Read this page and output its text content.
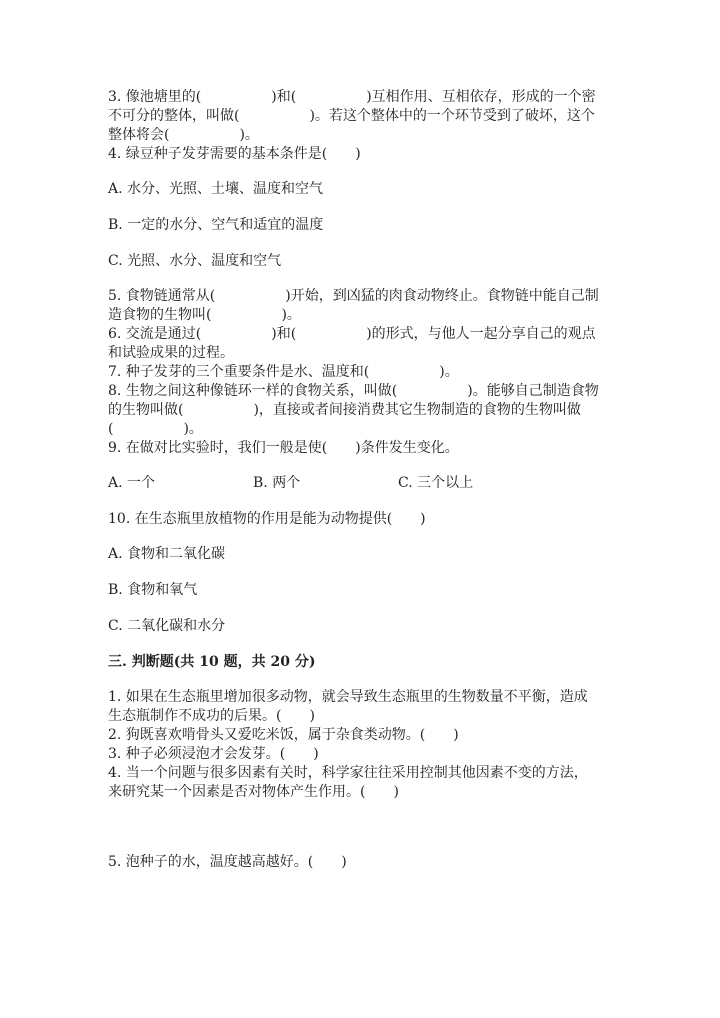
3. 像池塘里的(　　　　　)和(　　　　　)互相作用、互相依存，形成的一个密
不可分的整体，叫做(　　　　　)。若这个整体中的一个环节受到了破坏，这个
整体将会(　　　　　)。
4. 绿豆种子发芽需要的基本条件是(　　)
A. 水分、光照、土壤、温度和空气
B. 一定的水分、空气和适宜的温度
C. 光照、水分、温度和空气
5. 食物链通常从(　　　　　)开始，到凶猛的肉食动物终止。食物链中能自己制
造食物的生物叫(　　　　　)。
6. 交流是通过(　　　　　)和(　　　　　)的形式，与他人一起分享自己的观点
和试验成果的过程。
7. 种子发芽的三个重要条件是水、温度和(　　　　　)。
8. 生物之间这种像链环一样的食物关系，叫做(　　　　　)。能够自己制造食物
的生物叫做(　　　　　)，直接或者间接消费其它生物制造的食物的生物叫做
(　　　　　)。
9. 在做对比实验时，我们一般是使(　　)条件发生变化。
A. 一个	B. 两个	C. 三个以上
10. 在生态瓶里放植物的作用是能为动物提供(　　)
A. 食物和二氧化碳
B. 食物和氧气
C. 二氧化碳和水分
三. 判断题(共 10 题，共 20 分)
1. 如果在生态瓶里增加很多动物，就会导致生态瓶里的生物数量不平衡，造成
生态瓶制作不成功的后果。(　　)
2. 狗既喜欢啃骨头又爱吃米饭，属于杂食类动物。(　　)
3. 种子必须浸泡才会发芽。(　　)
4. 当一个问题与很多因素有关时，科学家往往采用控制其他因素不变的方法，
来研究某一个因素是否对物体产生作用。(　　)
5. 泡种子的水，温度越高越好。(　　)
